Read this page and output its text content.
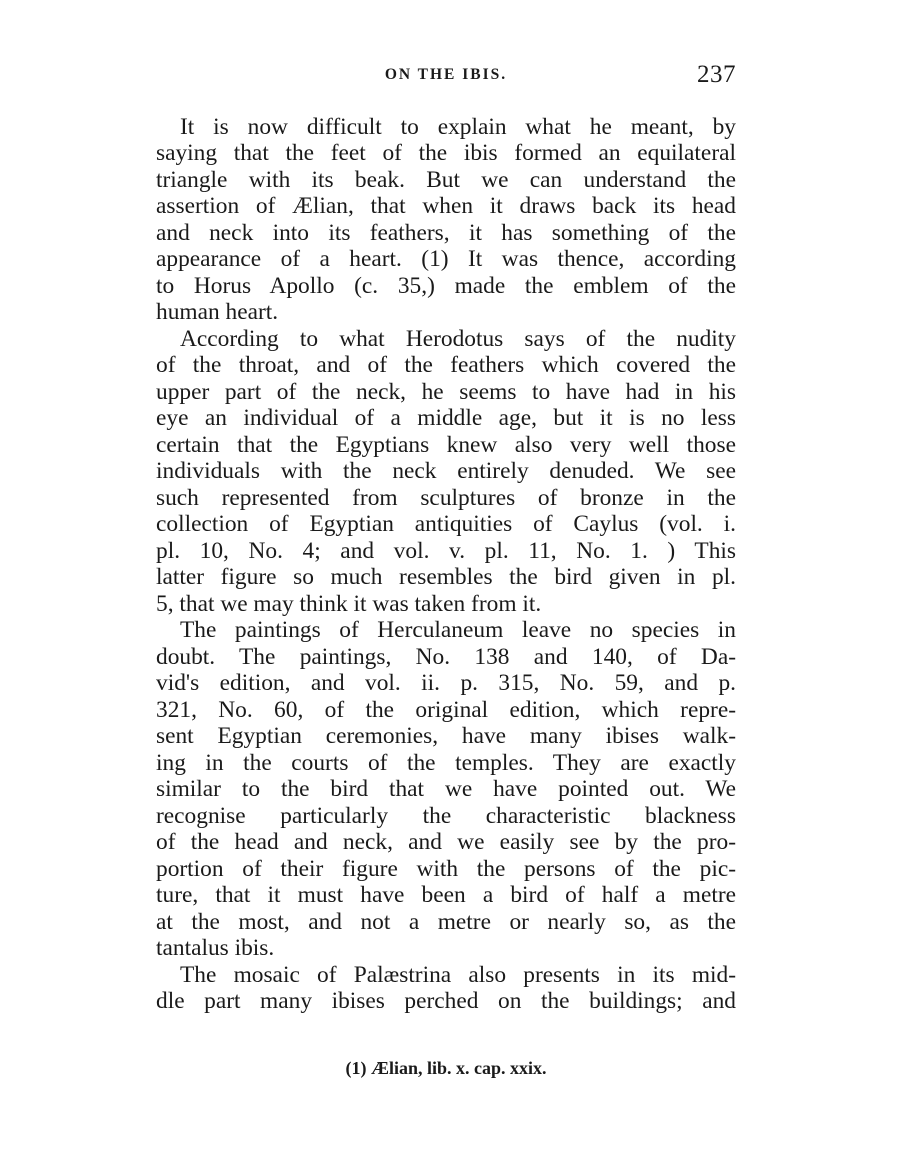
ON THE IBIS.	237
It is now difficult to explain what he meant, by
saying that the feet of the ibis formed an equilateral
triangle with its beak. But we can understand the
assertion of Ælian, that when it draws back its head
and neck into its feathers, it has something of the
appearance of a heart. (1) It was thence, according
to Horus Apollo (c. 35,) made the emblem of the
human heart.
According to what Herodotus says of the nudity
of the throat, and of the feathers which covered the
upper part of the neck, he seems to have had in his
eye an individual of a middle age, but it is no less
certain that the Egyptians knew also very well those
individuals with the neck entirely denuded. We see
such represented from sculptures of bronze in the
collection of Egyptian antiquities of Caylus (vol. i.
pl. 10, No. 4; and vol. v. pl. 11, No. 1. ) This
latter figure so much resembles the bird given in pl.
5, that we may think it was taken from it.
The paintings of Herculaneum leave no species in
doubt. The paintings, No. 138 and 140, of Da-
vid's edition, and vol. ii. p. 315, No. 59, and p.
321, No. 60, of the original edition, which repre-
sent Egyptian ceremonies, have many ibises walk-
ing in the courts of the temples. They are exactly
similar to the bird that we have pointed out. We
recognise particularly the characteristic blackness
of the head and neck, and we easily see by the pro-
portion of their figure with the persons of the pic-
ture, that it must have been a bird of half a metre
at the most, and not a metre or nearly so, as the
tantalus ibis.
The mosaic of Palæstrina also presents in its mid-
dle part many ibises perched on the buildings; and
(1) Ælian, lib. x. cap. xxix.
